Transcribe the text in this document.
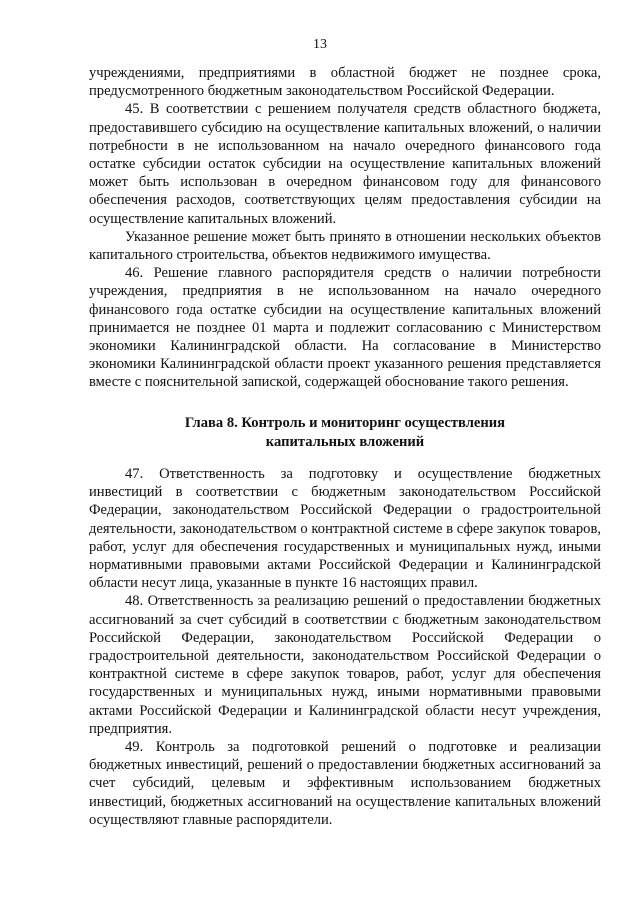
13

учреждениями, предприятиями в областной бюджет не позднее срока, предусмотренного бюджетным законодательством Российской Федерации.

45. В соответствии с решением получателя средств областного бюджета, предоставившего субсидию на осуществление капитальных вложений, о наличии потребности в не использованном на начало очередного финансового года остатке субсидии остаток субсидии на осуществление капитальных вложений может быть использован в очередном финансовом году для финансового обеспечения расходов, соответствующих целям предоставления субсидии на осуществление капитальных вложений.

Указанное решение может быть принято в отношении нескольких объектов капитального строительства, объектов недвижимого имущества.

46. Решение главного распорядителя средств о наличии потребности учреждения, предприятия в не использованном на начало очередного финансового года остатке субсидии на осуществление капитальных вложений принимается не позднее 01 марта и подлежит согласованию с Министерством экономики Калининградской области. На согласование в Министерство экономики Калининградской области проект указанного решения представляется вместе с пояснительной запиской, содержащей обоснование такого решения.

Глава 8. Контроль и мониторинг осуществления
капитальных вложений

47. Ответственность за подготовку и осуществление бюджетных инвестиций в соответствии с бюджетным законодательством Российской Федерации, законодательством Российской Федерации о градостроительной деятельности, законодательством о контрактной системе в сфере закупок товаров, работ, услуг для обеспечения государственных и муниципальных нужд, иными нормативными правовыми актами Российской Федерации и Калининградской области несут лица, указанные в пункте 16 настоящих правил.

48. Ответственность за реализацию решений о предоставлении бюджетных ассигнований за счет субсидий в соответствии с бюджетным законодательством Российской Федерации, законодательством Российской Федерации о градостроительной деятельности, законодательством Российской Федерации о контрактной системе в сфере закупок товаров, работ, услуг для обеспечения государственных и муниципальных нужд, иными нормативными правовыми актами Российской Федерации и Калининградской области несут учреждения, предприятия.

49. Контроль за подготовкой решений о подготовке и реализации бюджетных инвестиций, решений о предоставлении бюджетных ассигнований за счет субсидий, целевым и эффективным использованием бюджетных инвестиций, бюджетных ассигнований на осуществление капитальных вложений осуществляют главные распорядители.
